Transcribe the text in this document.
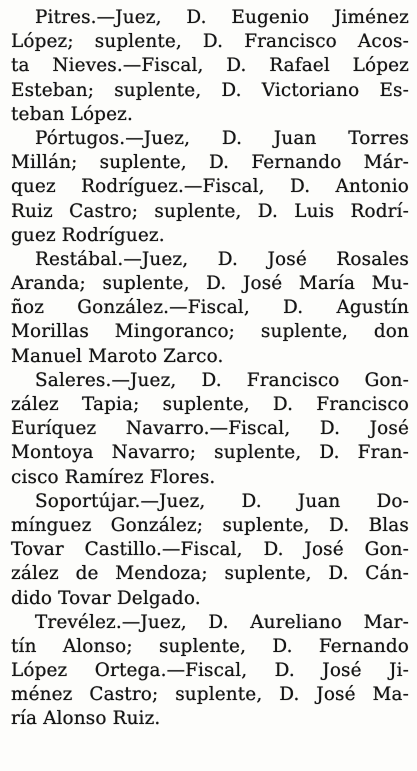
Pitres.—Juez, D. Eugenio Jiménez
López; suplente, D. Francisco Acos-
ta Nieves.—Fiscal, D. Rafael López
Esteban; suplente, D. Victoriano Es-
teban López.
Pórtugos.—Juez, D. Juan Torres
Millán; suplente, D. Fernando Már-
quez Rodríguez.—Fiscal, D. Antonio
Ruiz Castro; suplente, D. Luis Rodrí-
guez Rodríguez.
Restábal.—Juez, D. José Rosales
Aranda; suplente, D. José María Mu-
ñoz González.—Fiscal, D. Agustín
Morillas Mingoranco; suplente, don
Manuel Maroto Zarco.
Saleres.—Juez, D. Francisco Gon-
zález Tapia; suplente, D. Francisco
Euríquez Navarro.—Fiscal, D. José
Montoya Navarro; suplente, D. Fran-
cisco Ramírez Flores.
Soportújar.—Juez, D. Juan Do-
mínguez González; suplente, D. Blas
Tovar Castillo.—Fiscal, D. José Gon-
zález de Mendoza; suplente, D. Cán-
dido Tovar Delgado.
Trevélez.—Juez, D. Aureliano Mar-
tín Alonso; suplente, D. Fernando
López Ortega.—Fiscal, D. José Ji-
ménez Castro; suplente, D. José Ma-
ría Alonso Ruiz.
